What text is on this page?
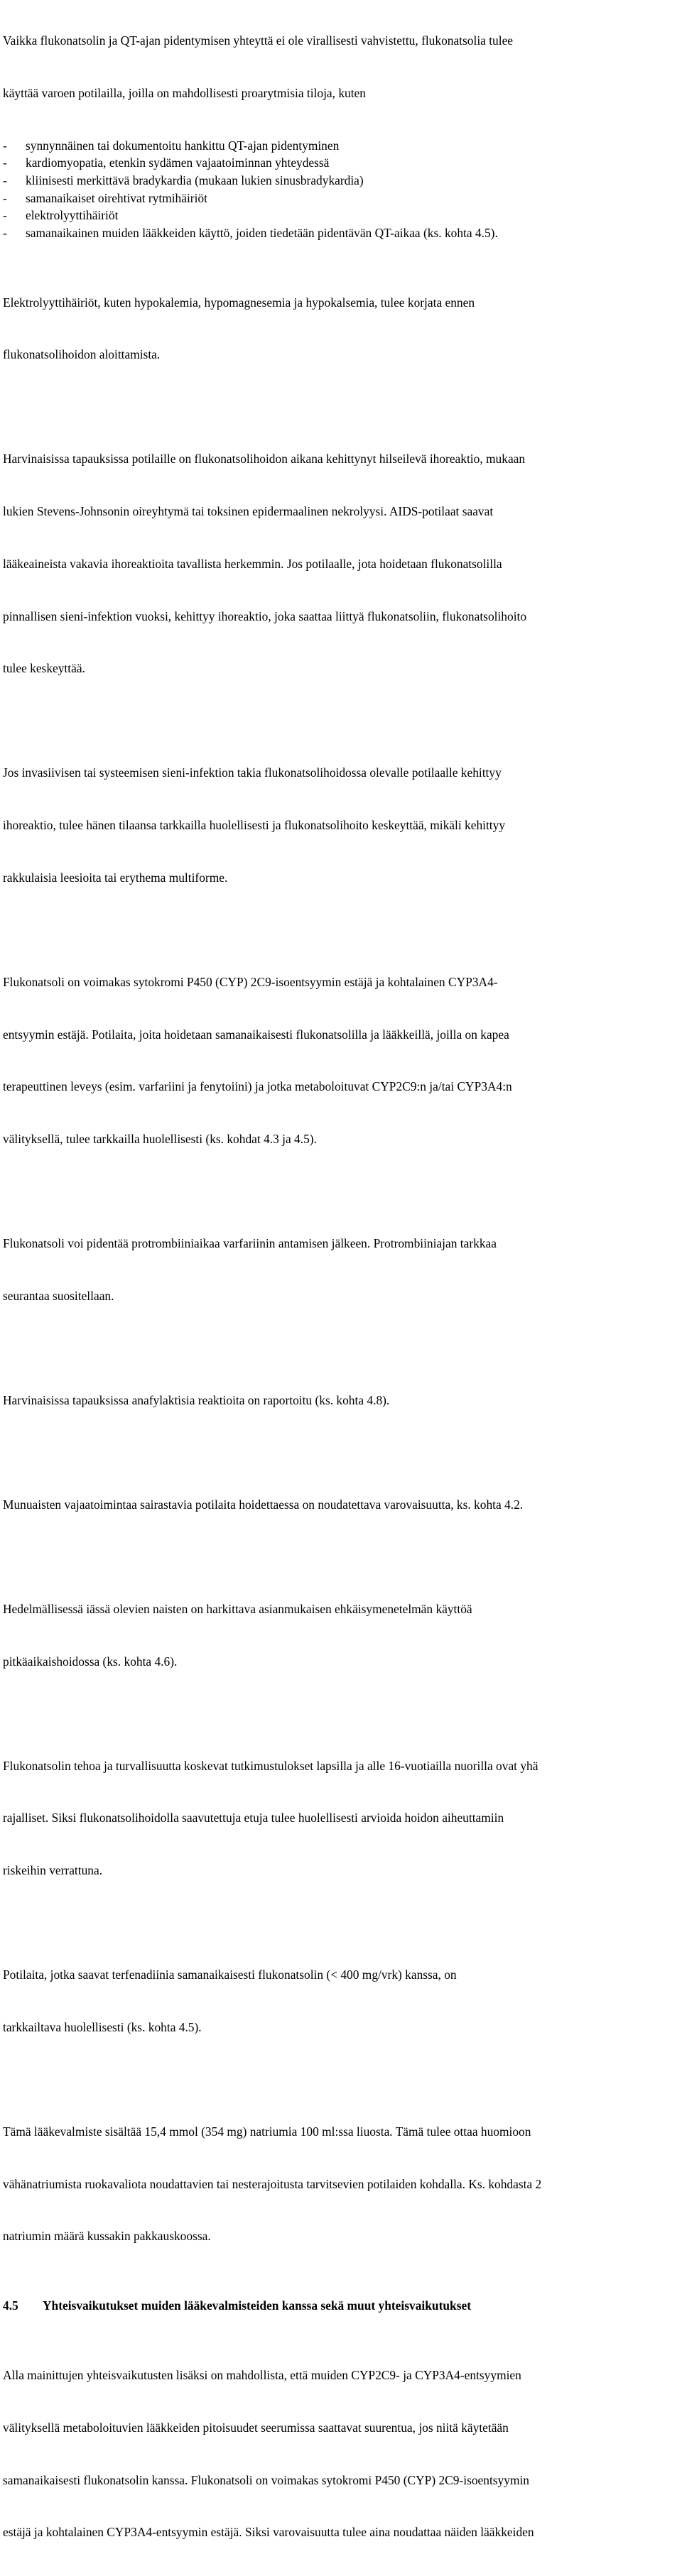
Vaikka flukonatsolin ja QT-ajan pidentymisen yhteyttä ei ole virallisesti vahvistettu, flukonatsolia tulee

käyttää varoen potilailla, joilla on mahdollisesti proarytmisia tiloja, kuten

-	synnynnäinen tai dokumentoitu hankittu QT-ajan pidentyminen
-	kardiomyopatia, etenkin sydämen vajaatoiminnan yhteydessä
-	kliinisesti merkittävä bradykardia (mukaan lukien sinusbradykardia)
-	samanaikaiset oirehtivat rytmihäiriöt
-	elektrolyyttihäiriöt
-	samanaikainen muiden lääkkeiden käyttö, joiden tiedetään pidentävän QT-aikaa (ks. kohta 4.5).

Elektrolyyttihäiriöt, kuten hypokalemia, hypomagnesemia ja hypokalsemia, tulee korjata ennen

flukonatsolihoidon aloittamista.

Harvinaisissa tapauksissa potilaille on flukonatsolihoidon aikana kehittynyt hilseilevä ihoreaktio, mukaan

lukien Stevens-Johnsonin oireyhtymä tai toksinen epidermaalinen nekrolyysi. AIDS-potilaat saavat

lääkeaineista vakavia ihoreaktioita tavallista herkemmin. Jos potilaalle, jota hoidetaan flukonatsolilla

pinnallisen sieni-infektion vuoksi, kehittyy ihoreaktio, joka saattaa liittyä flukonatsoliin, flukonatsolihoito

tulee keskeyttää.

Jos invasiivisen tai systeemisen sieni-infektion takia flukonatsolihoidossa olevalle potilaalle kehittyy

ihoreaktio, tulee hänen tilaansa tarkkailla huolellisesti ja flukonatsolihoito keskeyttää, mikäli kehittyy

rakkulaisia leesioita tai erythema multiforme.

Flukonatsoli on voimakas sytokromi P450 (CYP) 2C9-isoentsyymin estäjä ja kohtalainen CYP3A4-

entsyymin estäjä. Potilaita, joita hoidetaan samanaikaisesti flukonatsolilla ja lääkkeillä, joilla on kapea

terapeuttinen leveys (esim. varfariini ja fenytoiini) ja jotka metaboloituvat CYP2C9:n ja/tai CYP3A4:n

välityksellä, tulee tarkkailla huolellisesti (ks. kohdat 4.3 ja 4.5).

Flukonatsoli voi pidentää protrombiiniaikaa varfariinin antamisen jälkeen. Protrombiiniajan tarkkaa

seurantaa suositellaan.

Harvinaisissa tapauksissa anafylaktisia reaktioita on raportoitu (ks. kohta 4.8).

Munuaisten vajaatoimintaa sairastavia potilaita hoidettaessa on noudatettava varovaisuutta, ks. kohta 4.2.

Hedelmällisessä iässä olevien naisten on harkittava asianmukaisen ehkäisymenetelmän käyttöä

pitkäaikaishoidossa (ks. kohta 4.6).

Flukonatsolin tehoa ja turvallisuutta koskevat tutkimustulokset lapsilla ja alle 16-vuotiailla nuorilla ovat yhä

rajalliset. Siksi flukonatsolihoidolla saavutettuja etuja tulee huolellisesti arvioida hoidon aiheuttamiin

riskeihin verrattuna.

Potilaita, jotka saavat terfenadiinia samanaikaisesti flukonatsolin (< 400 mg/vrk) kanssa, on

tarkkailtava huolellisesti (ks. kohta 4.5).

Tämä lääkevalmiste sisältää 15,4 mmol (354 mg) natriumia 100 ml:ssa liuosta. Tämä tulee ottaa huomioon

vähänatriumista ruokavaliota noudattavien tai nesterajoitusta tarvitsevien potilaiden kohdalla. Ks. kohdasta 2

natriumin määrä kussakin pakkauskoossa.

4.5	Yhteisvaikutukset muiden lääkevalmisteiden kanssa sekä muut yhteisvaikutukset

Alla mainittujen yhteisvaikutusten lisäksi on mahdollista, että muiden CYP2C9- ja CYP3A4-entsyymien

välityksellä metaboloituvien lääkkeiden pitoisuudet seerumissa saattavat suurentua, jos niitä käytetään

samanaikaisesti flukonatsolin kanssa. Flukonatsoli on voimakas sytokromi P450 (CYP) 2C9-isoentsyymin

estäjä ja kohtalainen CYP3A4-entsyymin estäjä. Siksi varovaisuutta tulee aina noudattaa näiden lääkkeiden
